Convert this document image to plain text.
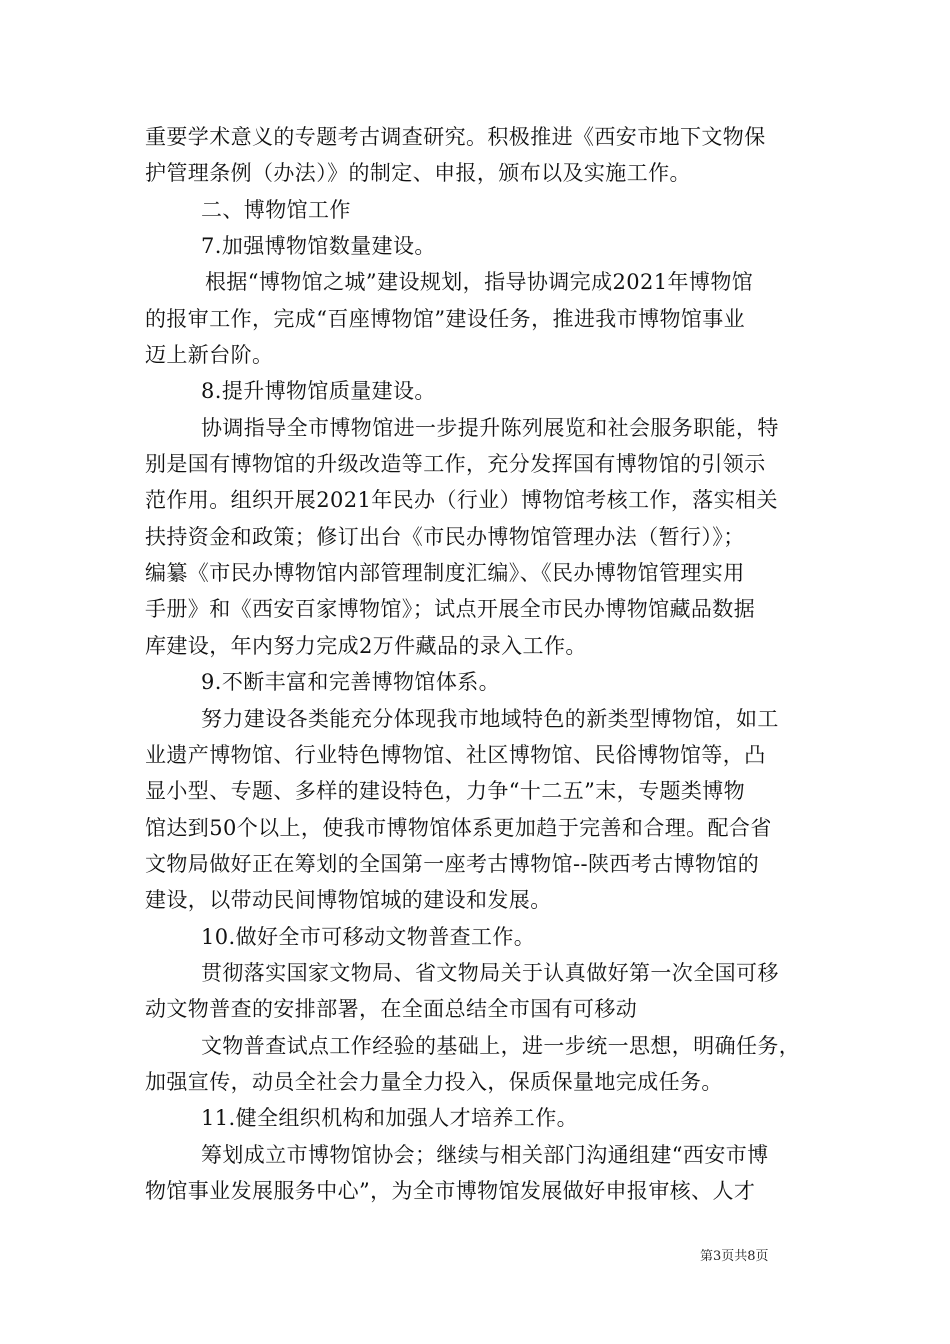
重要学术意义的专题考古调查研究。积极推进《西安市地下文物保
护管理条例（办法）》的制定、申报，颁布以及实施工作。
二、博物馆工作
7.加强博物馆数量建设。
根据“博物馆之城”建设规划，指导协调完成2021年博物馆
的报审工作，完成“百座博物馆”建设任务，推进我市博物馆事业
迈上新台阶。
8.提升博物馆质量建设。
协调指导全市博物馆进一步提升陈列展览和社会服务职能，特
别是国有博物馆的升级改造等工作，充分发挥国有博物馆的引领示
范作用。组织开展2021年民办（行业）博物馆考核工作，落实相关
扶持资金和政策；修订出台《市民办博物馆管理办法（暂行）》；
编纂《市民办博物馆内部管理制度汇编》、《民办博物馆管理实用
手册》和《西安百家博物馆》；试点开展全市民办博物馆藏品数据
库建设，年内努力完成2万件藏品的录入工作。
9.不断丰富和完善博物馆体系。
努力建设各类能充分体现我市地域特色的新类型博物馆，如工
业遗产博物馆、行业特色博物馆、社区博物馆、民俗博物馆等，凸
显小型、专题、多样的建设特色，力争“十二五”末，专题类博物
馆达到50个以上，使我市博物馆体系更加趋于完善和合理。配合省
文物局做好正在筹划的全国第一座考古博物馆--陕西考古博物馆的
建设，以带动民间博物馆城的建设和发展。
10.做好全市可移动文物普查工作。
贯彻落实国家文物局、省文物局关于认真做好第一次全国可移
动文物普查的安排部署，在全面总结全市国有可移动
文物普查试点工作经验的基础上，进一步统一思想，明确任务，
加强宣传，动员全社会力量全力投入，保质保量地完成任务。
11.健全组织机构和加强人才培养工作。
筹划成立市博物馆协会；继续与相关部门沟通组建“西安市博
物馆事业发展服务中心”，为全市博物馆发展做好申报审核、人才
第3页共8页
